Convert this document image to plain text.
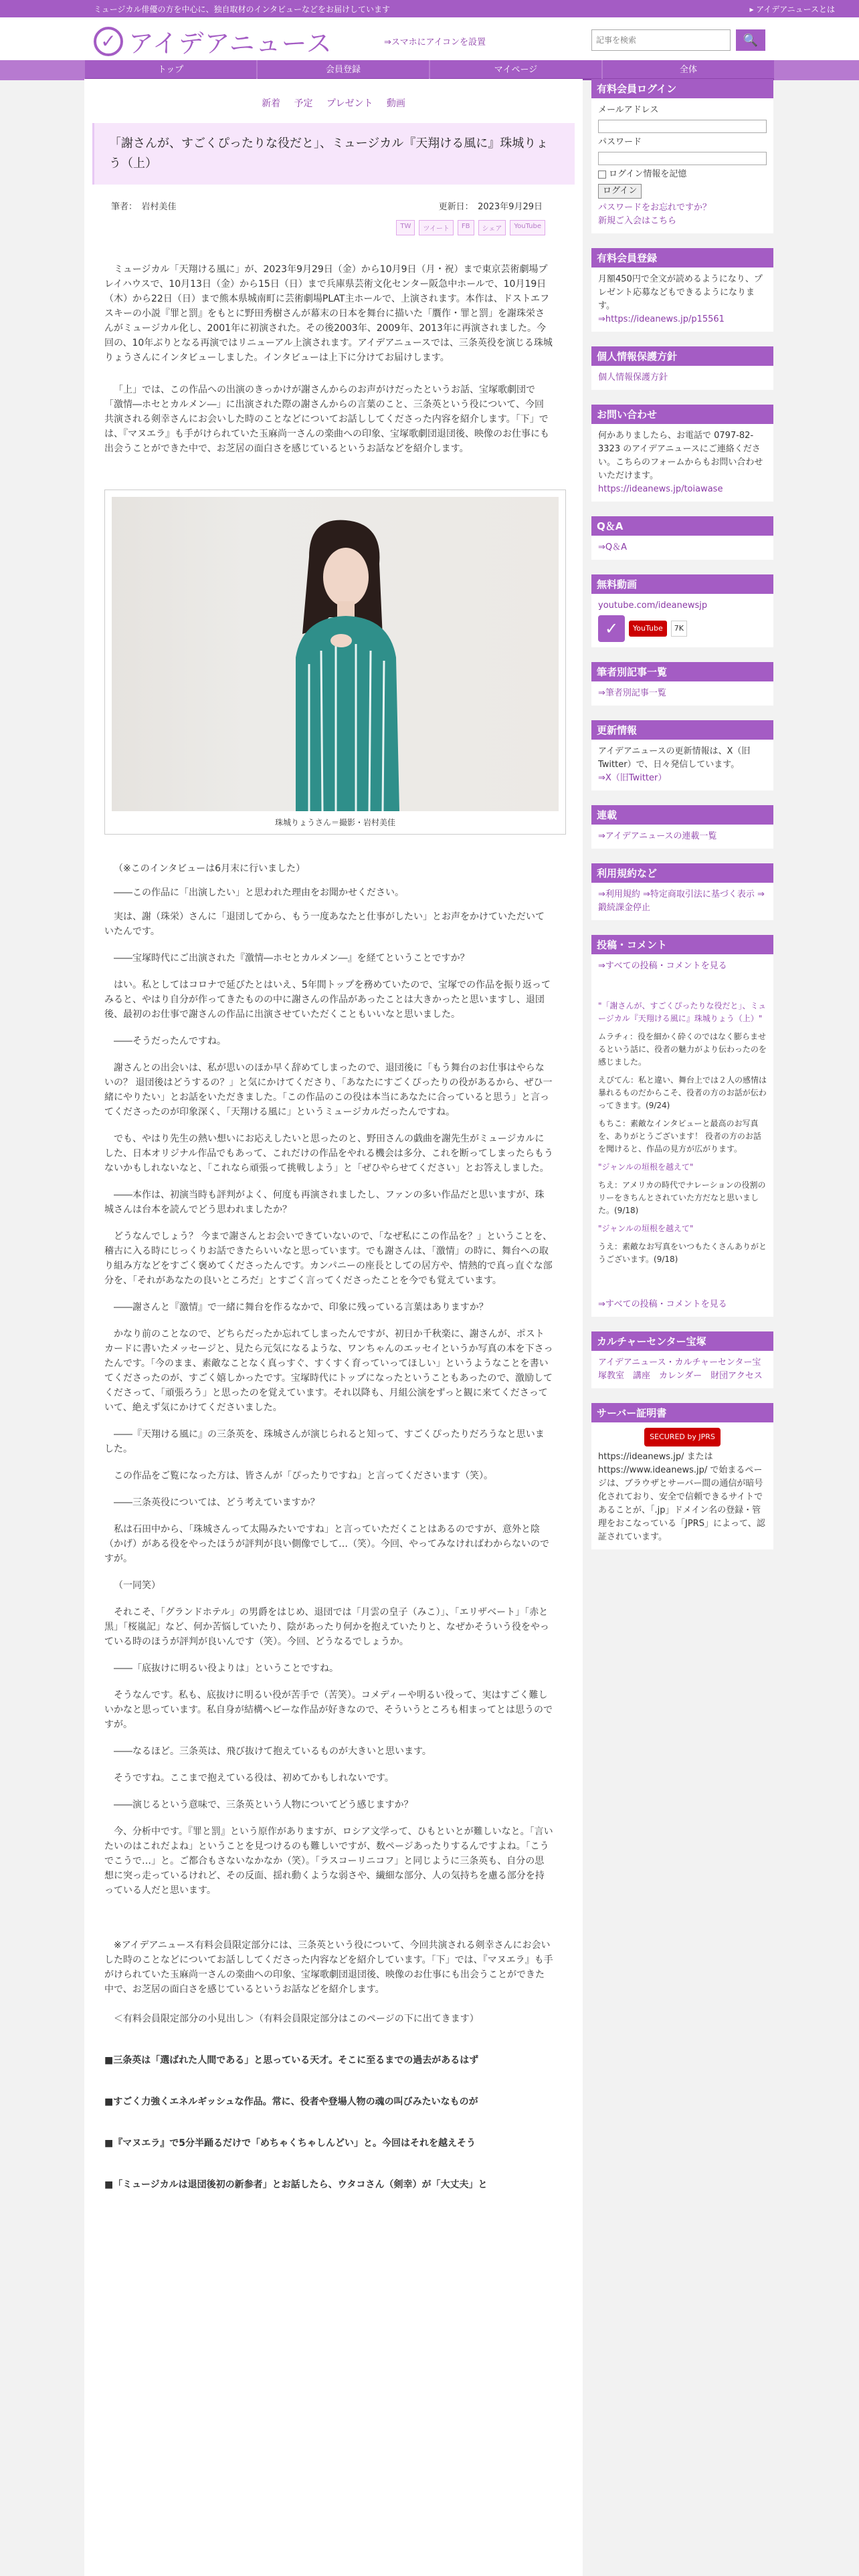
ミュージカル俳優の方を中心に、独自取材のインタビューなどをお届けしています	▸ アイデアニュースとは
✓ アイデアニュース	⇒スマホにアイコンを設置
記事を検索	🔍
トップ	会員登録	マイページ	全体
新着 予定 プレゼント 動画
「謝さんが、すごくぴったりな役だと」、ミュージカル『天翔ける風に』珠城りょう（上）
筆者：　岩村美佳	更新日：　2023年9月29日
TW	ツイート	FB	シェア	YouTube

ミュージカル「天翔ける風に」が、2023年9月29日（金）から10月9日（月・祝）まで東京芸術劇場プレイハウスで、10月13日（金）から15日（日）まで兵庫県芸術文化センター阪急中ホールで、10月19日（木）から22日（日）まで熊本県城南町に芸術劇場PLAT主ホールで、上演されます。本作は、ドストエフスキーの小説『罪と罰』をもとに野田秀樹さんが幕末の日本を舞台に描いた「贋作・罪と罰」を謝珠栄さんがミュージカル化し、2001年に初演された。その後2003年、2009年、2013年に再演されました。今回の、10年ぶりとなる再演ではリニューアル上演されます。アイデアニュースでは、三条英役を演じる珠城りょうさんにインタビューしました。インタビューは上下に分けてお届けします。

「上」では、この作品への出演のきっかけが謝さんからのお声がけだったというお話、宝塚歌劇団で「激情―ホセとカルメン―」に出演された際の謝さんからの言葉のこと、三条英という役について、今回共演される剣幸さんにお会いした時のことなどについてお話ししてくださった内容を紹介します。「下」では、『マヌエラ』も手がけられていた玉麻尚一さんの楽曲への印象、宝塚歌劇団退団後、映像のお仕事にも出会うことができた中で、お芝居の面白さを感じているというお話などを紹介します。

珠城りょうさん＝撮影・岩村美佳

（※このインタビューは6月末に行いました）

――この作品に「出演したい」と思われた理由をお聞かせください。

実は、謝（珠栄）さんに「退団してから、もう一度あなたと仕事がしたい」とお声をかけていただいていたんです。

――宝塚時代にご出演された『激情―ホセとカルメン―』を経てということですか？

はい。私としてはコロナで延びたとはいえ、5年間トップを務めていたので、宝塚での作品を振り返ってみると、やはり自分が作ってきたものの中に謝さんの作品があったことは大きかったと思いますし、退団後、最初のお仕事で謝さんの作品に出演させていただくこともいいなと思いました。

――そうだったんですね。

謝さんとの出会いは、私が思いのほか早く辞めてしまったので、退団後に「もう舞台のお仕事はやらないの？ 退団後はどうするの？」と気にかけてくださり、「あなたにすごくぴったりの役があるから、ぜひ一緒にやりたい」とお話をいただきました。「この作品のこの役は本当にあなたに合っていると思う」と言ってくださったのが印象深く、「天翔ける風に」というミュージカルだったんですね。

でも、やはり先生の熱い想いにお応えしたいと思ったのと、野田さんの戯曲を謝先生がミュージカルにした、日本オリジナル作品でもあって、これだけの作品をやれる機会は多分、これを断ってしまったらもうないかもしれないなと、「これなら頑張って挑戦しよう」と「ぜひやらせてください」とお答えしました。

――本作は、初演当時も評判がよく、何度も再演されましたし、ファンの多い作品だと思いますが、珠城さんは台本を読んでどう思われましたか？

どうなんでしょう？ 今まで謝さんとお会いできていないので、「なぜ私にこの作品を？」ということを、稽古に入る時にじっくりお話できたらいいなと思っています。でも謝さんは、「激情」の時に、舞台への取り組み方などをすごく褒めてくださったんです。カンパニーの座長としての居方や、情熱的で真っ直ぐな部分を、「それがあなたの良いところだ」とすごく言ってくださったことを今でも覚えています。

――謝さんと『激情』で一緒に舞台を作るなかで、印象に残っている言葉はありますか？

かなり前のことなので、どちらだったか忘れてしまったんですが、初日か千秋楽に、謝さんが、ポストカードに書いたメッセージと、見たら元気になるような、ワンちゃんのエッセイというか写真の本を下さったんです。「今のまま、素敵なことなく真っすぐ、すくすく育っていってほしい」というようなことを書いてくださったのが、すごく嬉しかったです。宝塚時代にトップになったということもあったので、激励してくださって、「頑張ろう」と思ったのを覚えています。それ以降も、月組公演をずっと観に来てくださっていて、絶えず気にかけてくださいました。

――『天翔ける風に』の三条英を、珠城さんが演じられると知って、すごくぴったりだろうなと思いました。

この作品をご覧になった方は、皆さんが「ぴったりですね」と言ってくださいます（笑）。

――三条英役については、どう考えていますか？

私は石田中から、「珠城さんって太陽みたいですね」と言っていただくことはあるのですが、意外と陰（かげ）がある役をやったほうが評判が良い側像でして…（笑）。今回、やってみなければわからないのですが。

（一同笑）

それこそ、「グランドホテル」の男爵をはじめ、退団では「月雲の皇子（みこ）」、「エリザベート」「赤と黒」「桜嵐記」など、何か苦悩していたり、陰があったり何かを抱えていたりと、なぜかそういう役をやっている時のほうが評判が良いんです（笑）。今回、どうなるでしょうか。

――「底抜けに明るい役よりは」ということですね。

そうなんです。私も、底抜けに明るい役が苦手で（苦笑）。コメディーや明るい役って、実はすごく難しいかなと思っています。私自身が結構ヘビーな作品が好きなので、そういうところも相まってとは思うのですが。

――なるほど。三条英は、飛び抜けて抱えているものが大きいと思います。

そうですね。ここまで抱えている役は、初めてかもしれないです。

――演じるという意味で、三条英という人物についてどう感じますか？

今、分析中です。『罪と罰』という原作がありますが、ロシア文学って、ひもといとが難しいなと。「言いたいのはこれだよね」ということを見つけるのも難しいですが、数ページあったりするんですよね。「こうでこうで…」と。ご都合もさないなかなか（笑）。「ラスコーリニコフ」と同じように三条英も、自分の思想に突っ走っているけれど、その反面、揺れ動くような弱さや、繊細な部分、人の気持ちを慮る部分を持っている人だと思います。

※アイデアニュース有料会員限定部分には、三条英という役について、今回共演される剣幸さんにお会いした時のことなどについてお話ししてくださった内容などを紹介しています。「下」では、『マヌエラ』も手がけられていた玉麻尚一さんの楽曲への印象、宝塚歌劇団退団後、映像のお仕事にも出会うことができた中で、お芝居の面白さを感じているというお話などを紹介します。

＜有料会員限定部分の小見出し＞（有料会員限定部分はこのページの下に出てきます）

■三条英は「選ばれた人間である」と思っている天才。そこに至るまでの過去があるはず

■すごく力強くエネルギッシュな作品。常に、役者や登場人物の魂の叫びみたいなものが

■『マヌエラ』で5分半踊るだけで「めちゃくちゃしんどい」と。今回はそれを越えそう

■「ミュージカルは退団後初の新参者」とお話したら、ウタコさん（剣幸）が「大丈夫」と

有料会員ログイン
メールアドレス
パスワード
ログイン情報を記憶
ログイン
パスワードをお忘れですか？
新規ご入会はこちら
有料会員登録
月額450円で全文が読めるようになり、プレゼント応募などもできるようになります。
⇒https://ideanews.jp/p15561
個人情報保護方針
個人情報保護方針
お問い合わせ
何かありましたら、お電話で 0797-82-3323 のアイデアニュースにご連絡ください。こちらのフォームからもお問い合わせいただけます。
https://ideanews.jp/toiawase
Q＆A
⇒Q＆A
無料動画
youtube.com/ideanewsjp
✓	YouTube	7K
筆者別記事一覧
⇒筆者別記事一覧
更新情報
アイデアニュースの更新情報は、X（旧Twitter）で、日々発信しています。
⇒X（旧Twitter）
連載
⇒アイデアニュースの連載一覧
利用規約など
⇒利用規約 ⇒特定商取引法に基づく表示 ⇒鍛続課金停止
投稿・コメント
⇒すべての投稿・コメントを見る
"「謝さんが、すごくぴったりな役だと」、ミュージカル『天翔ける風に』珠城りょう（上）"
ムラチィ：役を細かく砕くのではなく膨らませるという話に、役者の魅力がより伝わったのを感じました。
えびてん：私と違い、舞台上では２人の感情は暴れるものだからこそ、役者の方のお話が伝わってきます。(9/24)
もちこ：素敵なインタビューと最高のお写真を、ありがとうございます！ 役者の方のお話を聞けると、作品の見方が広がります。
"ジャンルの垣根を越えて"
ちえ：アメリカの時代でナレーションの役割のリーをきちんとされていた方だなと思いました。(9/18)
"ジャンルの垣根を越えて"
うえ：素敵なお写真をいつもたくさんありがとうございます。(9/18)
⇒すべての投稿・コメントを見る
カルチャーセンター宝塚
アイデアニュース・カルチャーセンター宝塚教室　講座　カレンダー　財団アクセス
サーバー証明書
SECURED by JPRS
https://ideanews.jp/ または https://www.ideanews.jp/ で始まるページは、ブラウザとサーバー間の通信が暗号化されており、安全で信頼できるサイトであることが、「.jp」ドメイン名の登録・管理をおこなっている「JPRS」によって、認証されています。
